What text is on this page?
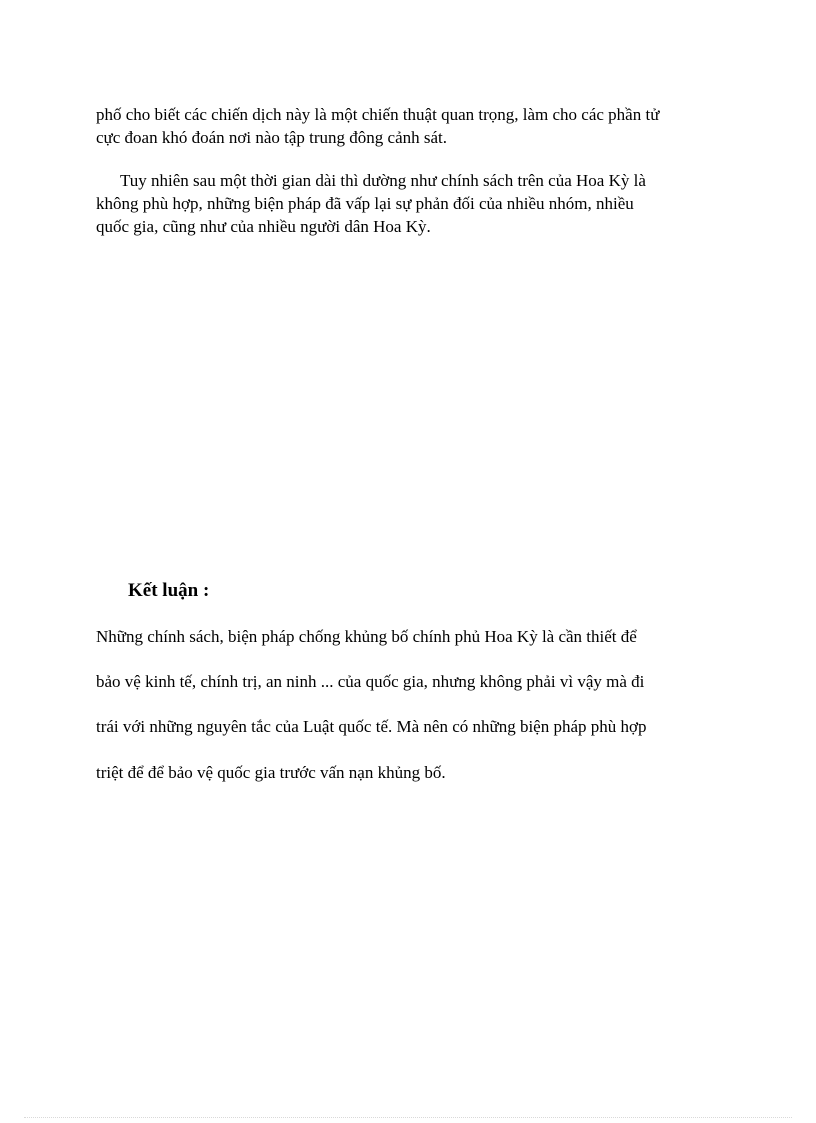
phố cho biết các chiến dịch này là một chiến thuật quan trọng, làm cho các phần tử
cực đoan khó đoán nơi nào tập trung đông cảnh sát.
Tuy nhiên sau một thời gian dài thì dường như chính sách trên của Hoa Kỳ là
không phù hợp, những biện pháp đã vấp lại sự phản đối của nhiều nhóm, nhiều
quốc gia, cũng như của nhiều người dân Hoa Kỳ.
Kết luận :
Những chính sách, biện pháp chống khủng bố chính phủ Hoa Kỳ là cần thiết để
bảo vệ kinh tế, chính trị, an ninh ... của quốc gia, nhưng không phải vì vậy mà đi
trái với những nguyên tắc của Luật quốc tế. Mà nên có những biện pháp phù hợp
triệt để để bảo vệ quốc gia trước vấn nạn khủng bố.
